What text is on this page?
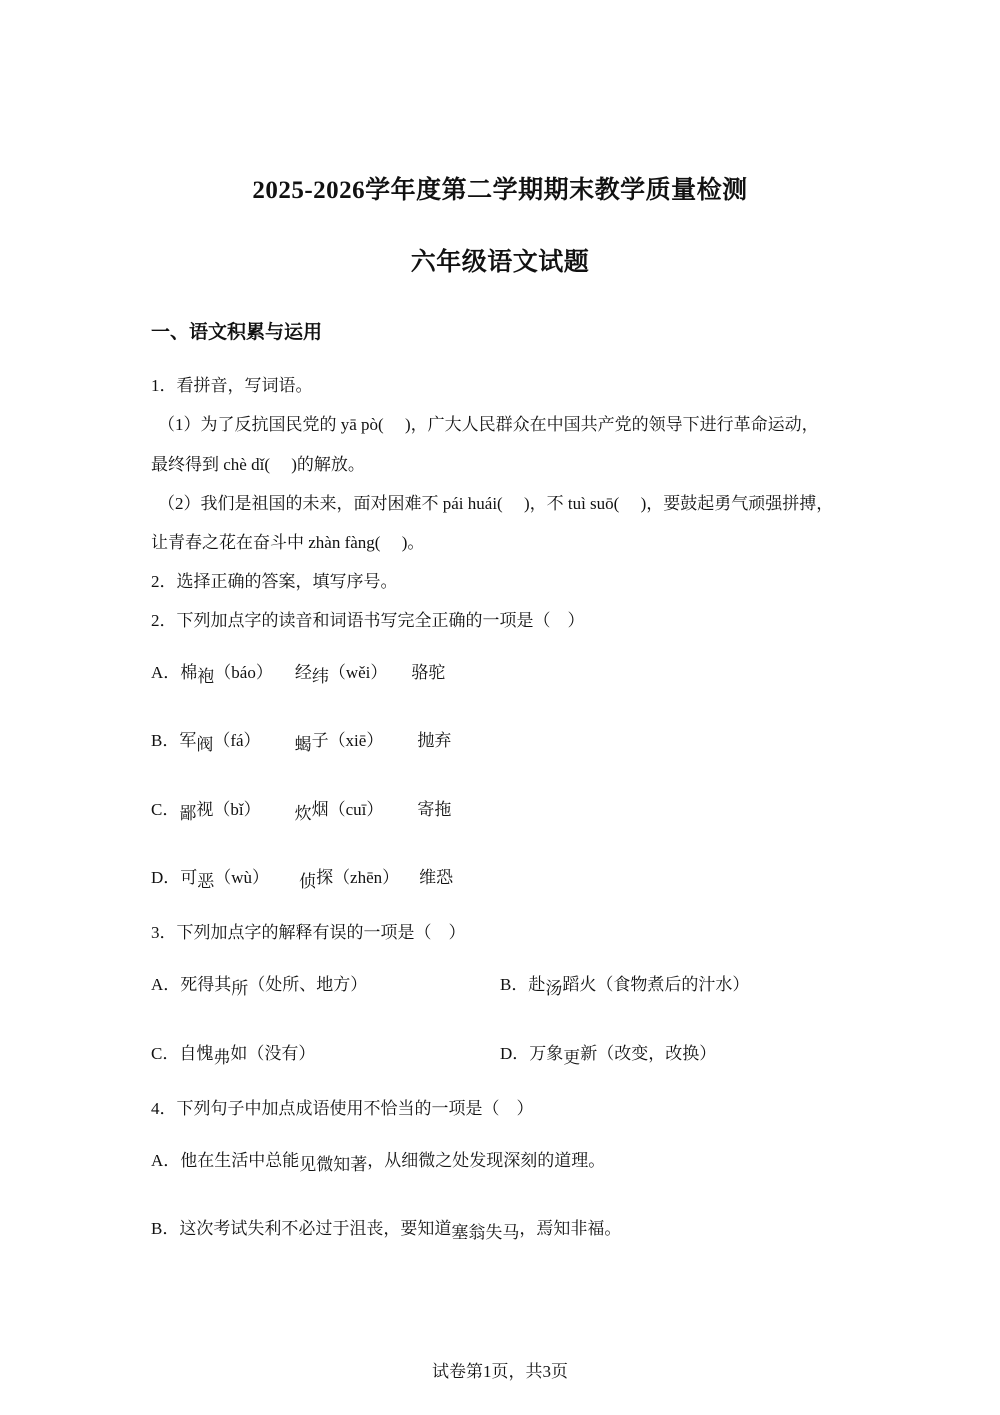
2025-2026学年度第二学期期末教学质量检测
六年级语文试题
一、语文积累与运用
1．看拼音，写词语。
（1）为了反抗国民党的 yā pò(　 )，广大人民群众在中国共产党的领导下进行革命运动，
最终得到 chè dǐ(　 )的解放。
（2）我们是祖国的未来，面对困难不 pái huái(　 )，不 tuì suō(　 )，要鼓起勇气顽强拼搏，
让青春之花在奋斗中 zhàn fàng(　 )。
2．选择正确的答案，填写序号。
2．下列加点字的读音和词语书写完全正确的一项是（　）
A．棉袍（báo） 经纬（wěi） 骆驼
B．军阀（fá） 蝎子（xiē） 抛弃
C．鄙视（bǐ） 炊烟（cuī） 寄拖
D．可恶（wù） 侦探（zhēn） 维恐
3．下列加点字的解释有误的一项是（　）
A．死得其所（处所、地方）	B．赴汤蹈火（食物煮后的汁水）
C．自愧弗如（没有）	D．万象更新（改变，改换）
4．下列句子中加点成语使用不恰当的一项是（　）
A．他在生活中总能见微知著，从细微之处发现深刻的道理。
B．这次考试失利不必过于沮丧，要知道塞翁失马，焉知非福。
试卷第1页，共3页
